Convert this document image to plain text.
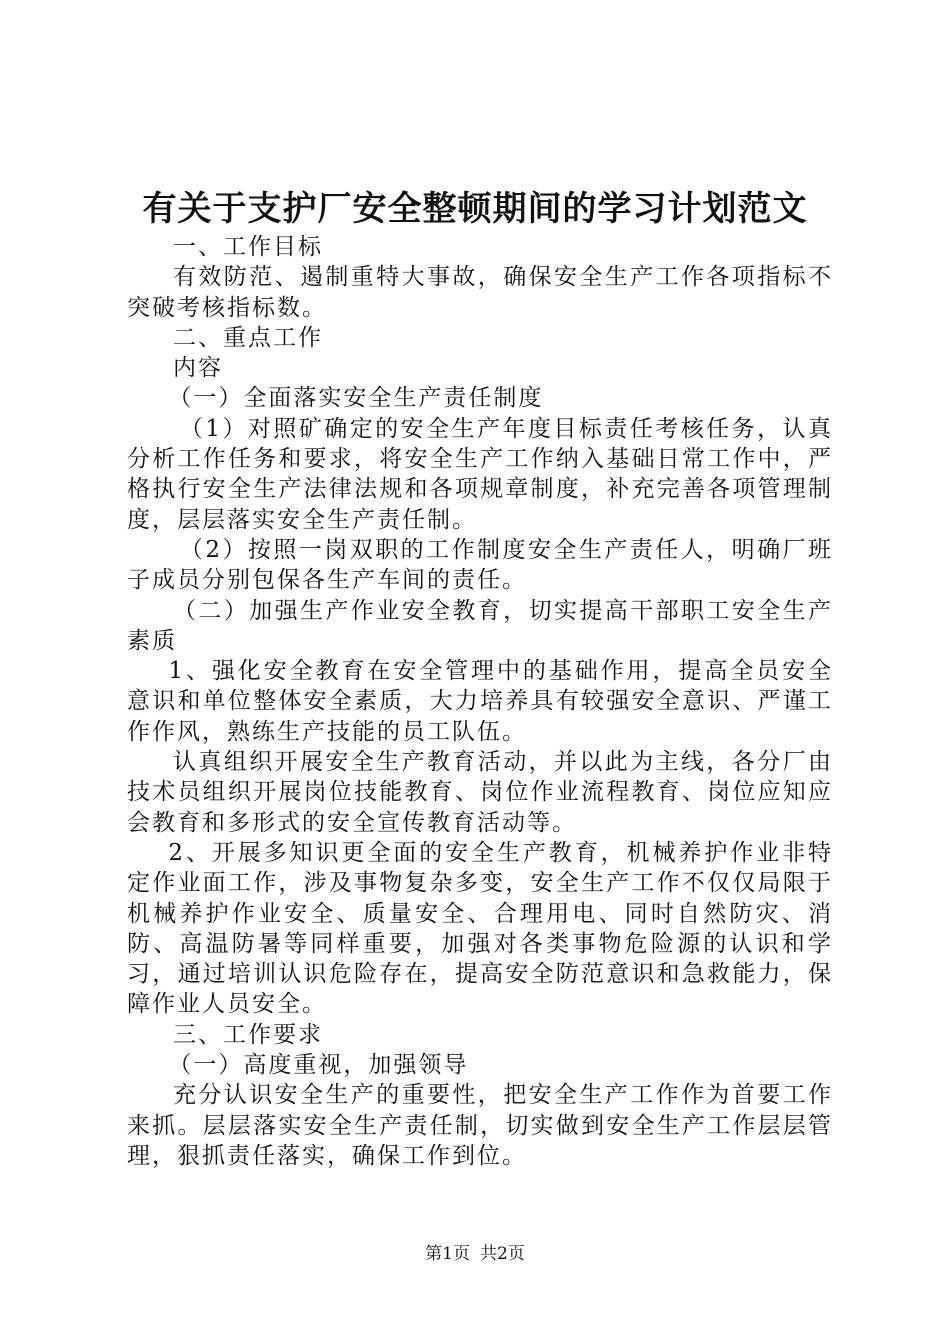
有关于支护厂安全整顿期间的学习计划范文

一、工作目标

有效防范、遏制重特大事故，确保安全生产工作各项指标不突破考核指标数。

二、重点工作

内容

（一）全面落实安全生产责任制度

（1）对照矿确定的安全生产年度目标责任考核任务，认真分析工作任务和要求，将安全生产工作纳入基础日常工作中，严格执行安全生产法律法规和各项规章制度，补充完善各项管理制度，层层落实安全生产责任制。

（2）按照一岗双职的工作制度安全生产责任人，明确厂班子成员分别包保各生产车间的责任。

（二）加强生产作业安全教育，切实提高干部职工安全生产素质

1、强化安全教育在安全管理中的基础作用，提高全员安全意识和单位整体安全素质，大力培养具有较强安全意识、严谨工作作风，熟练生产技能的员工队伍。

认真组织开展安全生产教育活动，并以此为主线，各分厂由技术员组织开展岗位技能教育、岗位作业流程教育、岗位应知应会教育和多形式的安全宣传教育活动等。

2、开展多知识更全面的安全生产教育，机械养护作业非特定作业面工作，涉及事物复杂多变，安全生产工作不仅仅局限于机械养护作业安全、质量安全、合理用电、同时自然防灾、消防、高温防暑等同样重要，加强对各类事物危险源的认识和学习，通过培训认识危险存在，提高安全防范意识和急救能力，保障作业人员安全。

三、工作要求

（一）高度重视，加强领导

充分认识安全生产的重要性，把安全生产工作作为首要工作来抓。层层落实安全生产责任制，切实做到安全生产工作层层管理，狠抓责任落实，确保工作到位。

第1页 共2页
